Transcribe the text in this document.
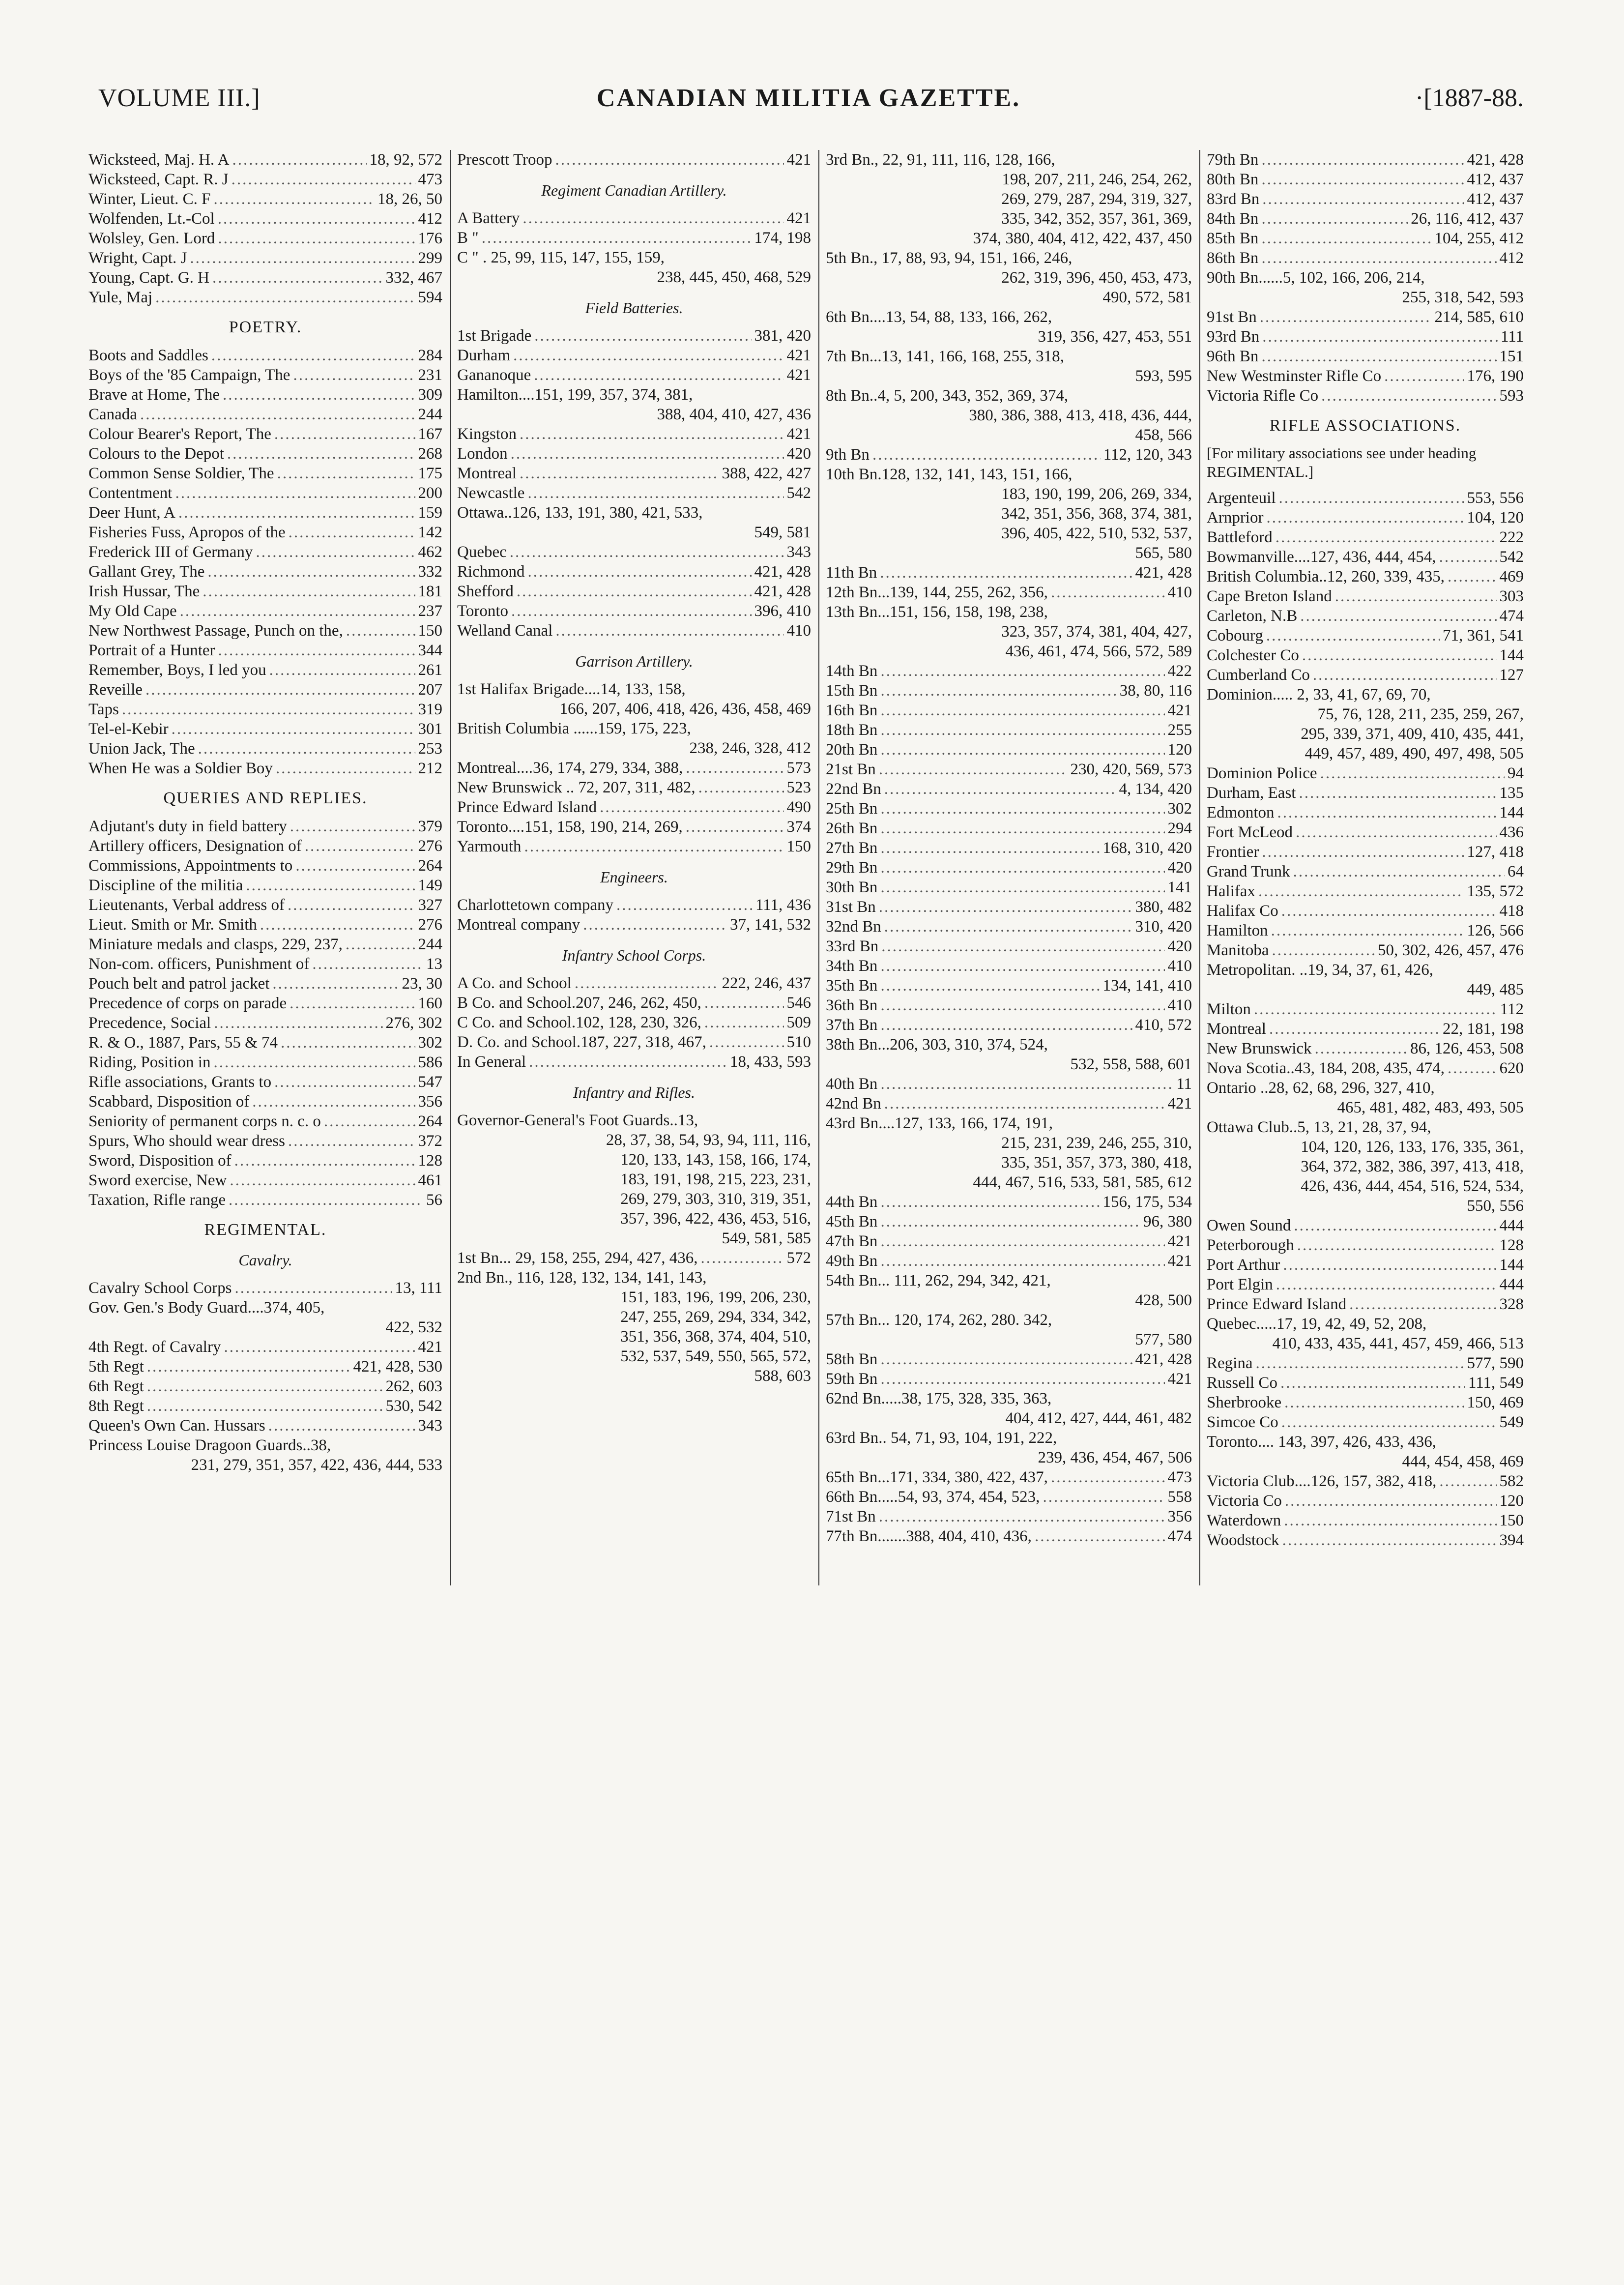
VOLUME III.]	CANADIAN MILITIA GAZETTE.	·[1887-88.
Wicksteed, Maj. H. A .....	18, 92, 572
Wicksteed, Capt. R. J .....	473
Winter, Lieut. C. F .....	18, 26, 50
Wolfenden, Lt.-Col .....	412
Wolsley, Gen. Lord .....	176
Wright, Capt. J .....	299
Young, Capt. G. H .....	332, 467
Yule, Maj .....	594
POETRY.
Boots and Saddles .....	284
Boys of the '85 Campaign, The .....	231
Brave at Home, The .....	309
Canada .....	244
Colour Bearer's Report, The .....	167
Colours to the Depot .....	268
Common Sense Soldier, The .....	175
Contentment .....	200
Deer Hunt, A .....	159
Fisheries Fuss, Apropos of the .....	142
Frederick III of Germany .....	462
Gallant Grey, The .....	332
Irish Hussar, The .....	181
My Old Cape .....	237
New Northwest Passage, Punch on the, .....	150
Portrait of a Hunter .....	344
Remember, Boys, I led you .....	261
Reveille .....	207
Taps .....	319
Tel-el-Kebir .....	301
Union Jack, The .....	253
When He was a Soldier Boy .....	212
QUERIES AND REPLIES.
Adjutant's duty in field battery .....	379
Artillery officers, Designation of .....	276
Commissions, Appointments to .....	264
Discipline of the militia .....	149
Lieutenants, Verbal address of .....	327
Lieut. Smith or Mr. Smith .....	276
Miniature medals and clasps, 229, 237, .....	244
Non-com. officers, Punishment of .....	13
Pouch belt and patrol jacket .....	23, 30
Precedence of corps on parade .....	160
Precedence, Social .....	276, 302
R. & O., 1887, Pars, 55 & 74 .....	302
Riding, Position in .....	586
Rifle associations, Grants to .....	547
Scabbard, Disposition of .....	356
Seniority of permanent corps n. c. o .....	264
Spurs, Who should wear dress .....	372
Sword, Disposition of .....	128
Sword exercise, New .....	461
Taxation, Rifle range .....	56
REGIMENTAL.
Cavalry.
Cavalry School Corps .....	13, 111
Gov. Gen.'s Body Guard....374, 405,
422, 532
4th Regt. of Cavalry .....	421
5th Regt .....	421, 428, 530
6th Regt .....	262, 603
8th Regt .....	530, 542
Queen's Own Can. Hussars .....	343
Princess Louise Dragoon Guards..38,
231, 279, 351, 357, 422, 436, 444, 533
Prescott Troop .....	421
Regiment Canadian Artillery.
A Battery .....	421
B " .....	174, 198
C " . 25, 99, 115, 147, 155, 159,
238, 445, 450, 468, 529
Field Batteries.
1st Brigade .....	381, 420
Durham .....	421
Gananoque .....	421
Hamilton....151, 199, 357, 374, 381,
388, 404, 410, 427, 436
Kingston .....	421
London .....	420
Montreal .....	388, 422, 427
Newcastle .....	542
Ottawa..126, 133, 191, 380, 421, 533,
549, 581
Quebec .....	343
Richmond .....	421, 428
Shefford .....	421, 428
Toronto .....	396, 410
Welland Canal .....	410
Garrison Artillery.
1st Halifax Brigade....14, 133, 158,
166, 207, 406, 418, 426, 436, 458, 469
British Columbia ......159, 175, 223,
238, 246, 328, 412
Montreal....36, 174, 279, 334, 388, .....	573
New Brunswick .. 72, 207, 311, 482, .....	523
Prince Edward Island .....	490
Toronto....151, 158, 190, 214, 269, .....	374
Yarmouth .....	150
Engineers.
Charlottetown company .....	111, 436
Montreal company .....	37, 141, 532
Infantry School Corps.
A Co. and School .....	222, 246, 437
B Co. and School.207, 246, 262, 450, .....	546
C Co. and School.102, 128, 230, 326, .....	509
D. Co. and School.187, 227, 318, 467, .....	510
In General .....	18, 433, 593
Infantry and Rifles.
Governor-General's Foot Guards..13,
28, 37, 38, 54, 93, 94, 111, 116,
120, 133, 143, 158, 166, 174,
183, 191, 198, 215, 223, 231,
269, 279, 303, 310, 319, 351,
357, 396, 422, 436, 453, 516,
549, 581, 585
1st Bn... 29, 158, 255, 294, 427, 436, .....	572
2nd Bn., 116, 128, 132, 134, 141, 143,
151, 183, 196, 199, 206, 230,
247, 255, 269, 294, 334, 342,
351, 356, 368, 374, 404, 510,
532, 537, 549, 550, 565, 572,
588, 603
3rd Bn., 22, 91, 111, 116, 128, 166,
198, 207, 211, 246, 254, 262,
269, 279, 287, 294, 319, 327,
335, 342, 352, 357, 361, 369,
374, 380, 404, 412, 422, 437, 450
5th Bn., 17, 88, 93, 94, 151, 166, 246,
262, 319, 396, 450, 453, 473,
490, 572, 581
6th Bn....13, 54, 88, 133, 166, 262,
319, 356, 427, 453, 551
7th Bn...13, 141, 166, 168, 255, 318,
593, 595
8th Bn..4, 5, 200, 343, 352, 369, 374,
380, 386, 388, 413, 418, 436, 444,
458, 566
9th Bn .....	112, 120, 343
10th Bn.128, 132, 141, 143, 151, 166,
183, 190, 199, 206, 269, 334,
342, 351, 356, 368, 374, 381,
396, 405, 422, 510, 532, 537,
565, 580
11th Bn .....	421, 428
12th Bn...139, 144, 255, 262, 356, .....	410
13th Bn...151, 156, 158, 198, 238,
323, 357, 374, 381, 404, 427,
436, 461, 474, 566, 572, 589
14th Bn .....	422
15th Bn .....	38, 80, 116
16th Bn .....	421
18th Bn .....	255
20th Bn .....	120
21st Bn .....	230, 420, 569, 573
22nd Bn .....	4, 134, 420
25th Bn .....	302
26th Bn .....	294
27th Bn .....	168, 310, 420
29th Bn .....	420
30th Bn .....	141
31st Bn .....	380, 482
32nd Bn .....	310, 420
33rd Bn .....	420
34th Bn .....	410
35th Bn .....	134, 141, 410
36th Bn .....	410
37th Bn .....	410, 572
38th Bn...206, 303, 310, 374, 524,
532, 558, 588, 601
40th Bn .....	11
42nd Bn .....	421
43rd Bn....127, 133, 166, 174, 191,
215, 231, 239, 246, 255, 310,
335, 351, 357, 373, 380, 418,
444, 467, 516, 533, 581, 585, 612
44th Bn .....	156, 175, 534
45th Bn .....	96, 380
47th Bn .....	421
49th Bn .....	421
54th Bn... 111, 262, 294, 342, 421,
428, 500
57th Bn... 120, 174, 262, 280. 342,
577, 580
58th Bn .....	421, 428
59th Bn .....	421
62nd Bn.....38, 175, 328, 335, 363,
404, 412, 427, 444, 461, 482
63rd Bn.. 54, 71, 93, 104, 191, 222,
239, 436, 454, 467, 506
65th Bn...171, 334, 380, 422, 437, .....	473
66th Bn.....54, 93, 374, 454, 523, .....	558
71st Bn .....	356
77th Bn.......388, 404, 410, 436, .....	474
79th Bn .....	421, 428
80th Bn .....	412, 437
83rd Bn .....	412, 437
84th Bn .....	26, 116, 412, 437
85th Bn .....	104, 255, 412
86th Bn .....	412
90th Bn......5, 102, 166, 206, 214,
255, 318, 542, 593
91st Bn .....	214, 585, 610
93rd Bn .....	111
96th Bn .....	151
New Westminster Rifle Co .....	176, 190
Victoria Rifle Co .....	593
RIFLE ASSOCIATIONS.
[For military associations see under heading REGIMENTAL.]
Argenteuil .....	553, 556
Arnprior .....	104, 120
Battleford .....	222
Bowmanville....127, 436, 444, 454, .....	542
British Columbia..12, 260, 339, 435, .....	469
Cape Breton Island .....	303
Carleton, N.B .....	474
Cobourg .....	71, 361, 541
Colchester Co .....	144
Cumberland Co .....	127
Dominion..... 2, 33, 41, 67, 69, 70,
75, 76, 128, 211, 235, 259, 267,
295, 339, 371, 409, 410, 435, 441,
449, 457, 489, 490, 497, 498, 505
Dominion Police .....	94
Durham, East .....	135
Edmonton .....	144
Fort McLeod .....	436
Frontier .....	127, 418
Grand Trunk .....	64
Halifax .....	135, 572
Halifax Co .....	418
Hamilton .....	126, 566
Manitoba .....	50, 302, 426, 457, 476
Metropolitan. ..19, 34, 37, 61, 426,
449, 485
Milton .....	112
Montreal .....	22, 181, 198
New Brunswick .....	86, 126, 453, 508
Nova Scotia..43, 184, 208, 435, 474, .....	620
Ontario ..28, 62, 68, 296, 327, 410,
465, 481, 482, 483, 493, 505
Ottawa Club..5, 13, 21, 28, 37, 94,
104, 120, 126, 133, 176, 335, 361,
364, 372, 382, 386, 397, 413, 418,
426, 436, 444, 454, 516, 524, 534,
550, 556
Owen Sound .....	444
Peterborough .....	128
Port Arthur .....	144
Port Elgin .....	444
Prince Edward Island .....	328
Quebec.....17, 19, 42, 49, 52, 208,
410, 433, 435, 441, 457, 459, 466, 513
Regina .....	577, 590
Russell Co .....	111, 549
Sherbrooke .....	150, 469
Simcoe Co .....	549
Toronto.... 143, 397, 426, 433, 436,
444, 454, 458, 469
Victoria Club....126, 157, 382, 418, .....	582
Victoria Co .....	120
Waterdown .....	150
Woodstock .....	394
